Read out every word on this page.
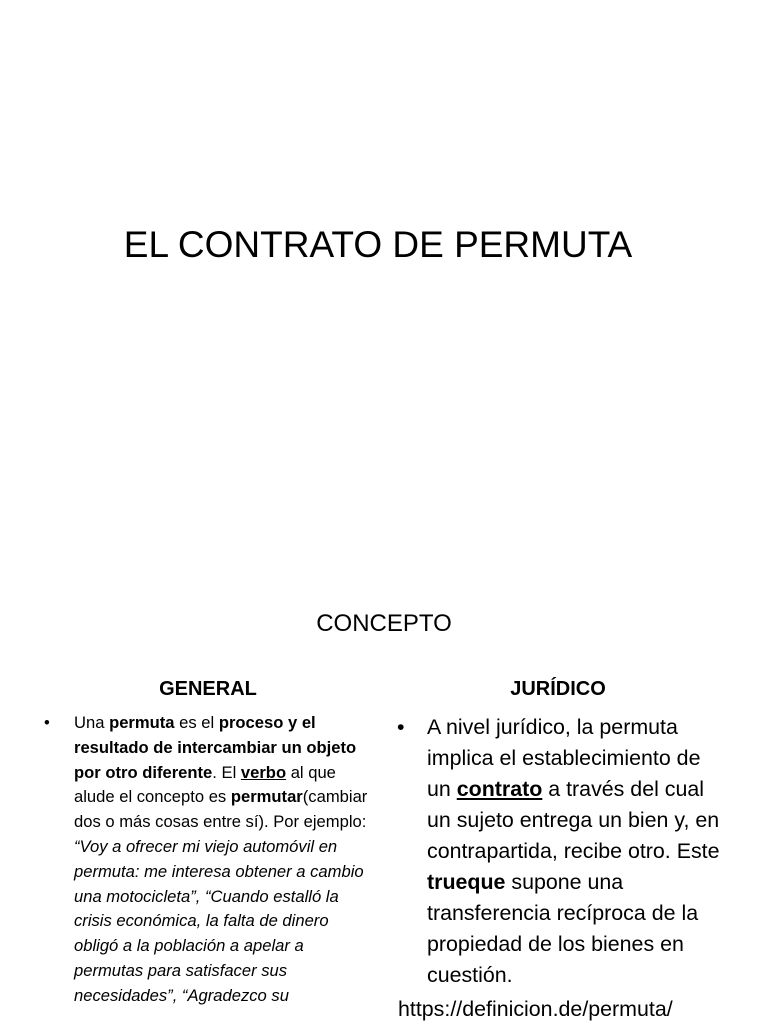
EL CONTRATO DE PERMUTA
CONCEPTO
GENERAL	JURÍDICO
• Una permuta es el proceso y el resultado de intercambiar un objeto por otro diferente. El verbo al que alude el concepto es permutar(cambiar dos o más cosas entre sí). Por ejemplo: “Voy a ofrecer mi viejo automóvil en permuta: me interesa obtener a cambio una motocicleta”, “Cuando estalló la crisis económica, la falta de dinero obligó a la población a apelar a permutas para satisfacer sus necesidades”, “Agradezco su
• A nivel jurídico, la permuta implica el establecimiento de un contrato a través del cual un sujeto entrega un bien y, en contrapartida, recibe otro. Este trueque supone una transferencia recíproca de la propiedad de los bienes en cuestión.
https://definicion.de/permuta/
